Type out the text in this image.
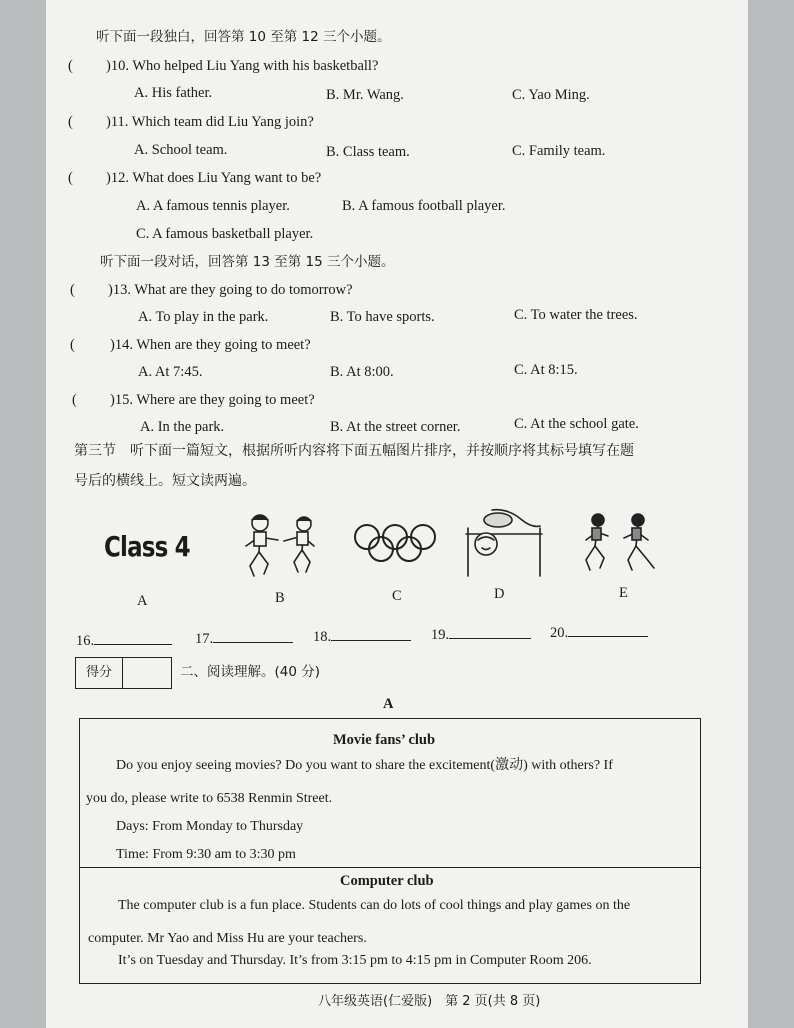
听下面一段独白，回答第 10 至第 12 三个小题。
( )10. Who helped Liu Yang with his basketball?
A. His father.	B. Mr. Wang.	C. Yao Ming.
( )11. Which team did Liu Yang join?
A. School team.	B. Class team.	C. Family team.
( )12. What does Liu Yang want to be?
A. A famous tennis player.	B. A famous football player.
C. A famous basketball player.
听下面一段对话，回答第 13 至第 15 三个小题。
( )13. What are they going to do tomorrow?
A. To play in the park.	B. To have sports.	C. To water the trees.
( )14. When are they going to meet?
A. At 7:45.	B. At 8:00.	C. At 8:15.
( )15. Where are they going to meet?
A. In the park.	B. At the street corner.	C. At the school gate.
第三节　听下面一篇短文，根据所听内容将下面五幅图片排序，并按顺序将其标号填写在题
号后的横线上。短文读两遍。
Class 4
A	B	C	D	E
16.	17.	18.	19.	20.
得分	二、阅读理解。(40 分)
A
Movie fans’ club
Do you enjoy seeing movies? Do you want to share the excitement(激动) with others? If
you do, please write to 6538 Renmin Street.
Days: From Monday to Thursday
Time: From 9:30 am to 3:30 pm
Computer club
The computer club is a fun place. Students can do lots of cool things and play games on the
computer. Mr Yao and Miss Hu are your teachers.
It’s on Tuesday and Thursday. It’s from 3:15 pm to 4:15 pm in Computer Room 206.
八年级英语(仁爱版)　第 2 页(共 8 页)
